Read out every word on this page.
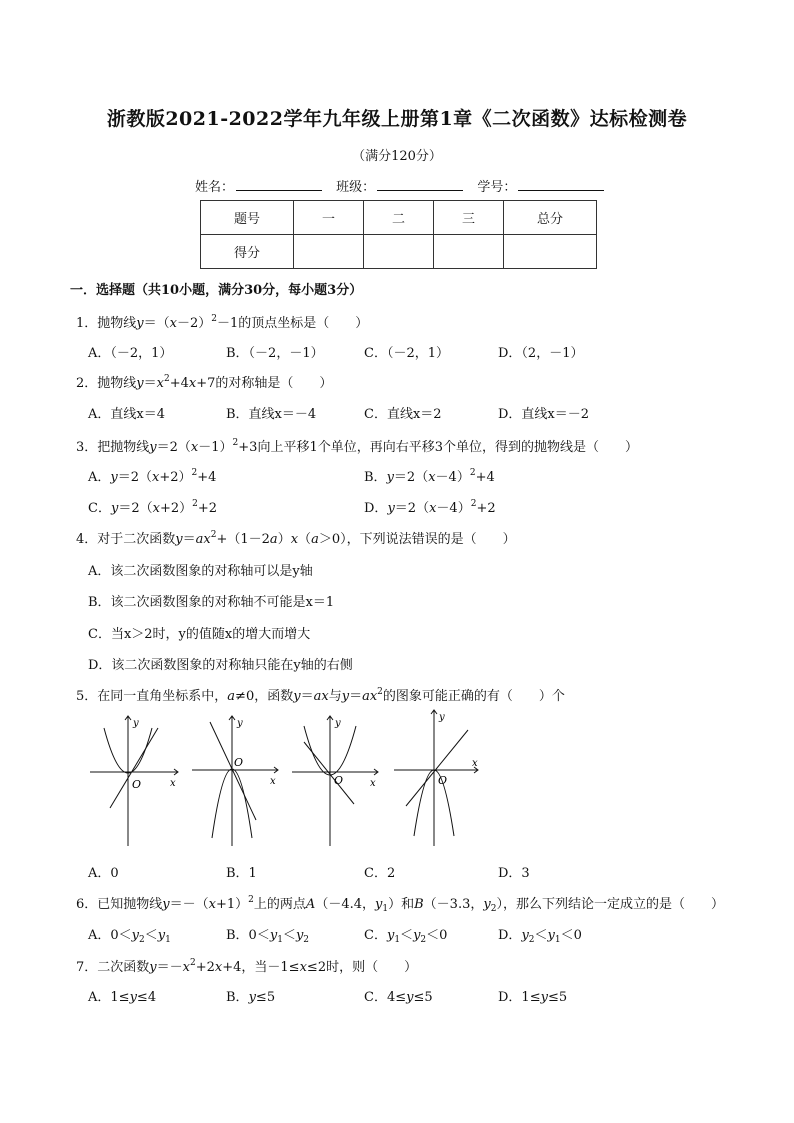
浙教版2021-2022学年九年级上册第1章《二次函数》达标检测卷
（满分120分）
姓名：	班级：	学号：
题号	一	二	三	总分
得分				
一．选择题（共10小题，满分30分，每小题3分）
1．抛物线$y=(x-2)^2-1$的顶点坐标是（　　）
A．（－2，1）	B．（－2，－1）	C．（－2，1）	D．（2，－1）
2．抛物线$y=x^2+4x+7$的对称轴是（　　）
A．直线x＝4	B．直线x＝－4	C．直线x＝2	D．直线x＝－2
3．把抛物线$y=2(x-1)^2+3$向上平移1个单位，再向右平移3个单位，得到的抛物线是（　　）
A．$y=2(x+2)^2+4$	B．$y=2(x-4)^2+4$
C．$y=2(x+2)^2+2$	D．$y=2(x-4)^2+2$
4．对于二次函数$y=ax^2+(1-2a)x(a>0)$，下列说法错误的是（　　）
A．该二次函数图象的对称轴可以是y轴
B．该二次函数图象的对称轴不可能是x＝1
C．当x＞2时，y的值随x的增大而增大
D．该二次函数图象的对称轴只能在y轴的右侧
5．在同一直角坐标系中，a≠0，函数y＝ax与$y=ax^2$的图象可能正确的有（　　）个
y
x
O
y
x
O
y
x
O
y
x
O
A．0	B．1	C．2	D．3
6．已知抛物线$y=-(x+1)^2$上的两点A（－4.4，$y_1$）和B（－3.3，$y_2$），那么下列结论一定成立的是（　　）
A．$0<y_2<y_1$	B．$0<y_1<y_2$	C．$y_1<y_2<0$	D．$y_2<y_1<0$
7．二次函数$y=-x^2+2x+4$，当－1≤x≤2时，则（　　）
A．1≤y≤4	B．y≤5	C．4≤y≤5	D．1≤y≤5
